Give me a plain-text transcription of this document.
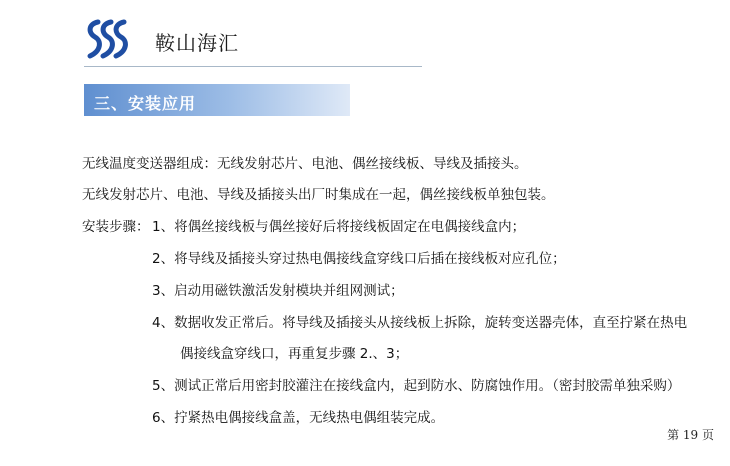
鞍山海汇
三、安装应用
无线温度变送器组成：无线发射芯片、电池、偶丝接线板、导线及插接头。
无线发射芯片、电池、导线及插接头出厂时集成在一起，偶丝接线板单独包装。
安装步骤： 1、将偶丝接线板与偶丝接好后将接线板固定在电偶接线盒内；
2、将导线及插接头穿过热电偶接线盒穿线口后插在接线板对应孔位；
3、启动用磁铁激活发射模块并组网测试；
4、数据收发正常后。将导线及插接头从接线板上拆除，旋转变送器壳体，直至拧紧在热电
偶接线盒穿线口，再重复步骤 2.、3；
5、测试正常后用密封胶灌注在接线盒内，起到防水、防腐蚀作用。（密封胶需单独采购）
6、拧紧热电偶接线盒盖，无线热电偶组装完成。
第 19 页
